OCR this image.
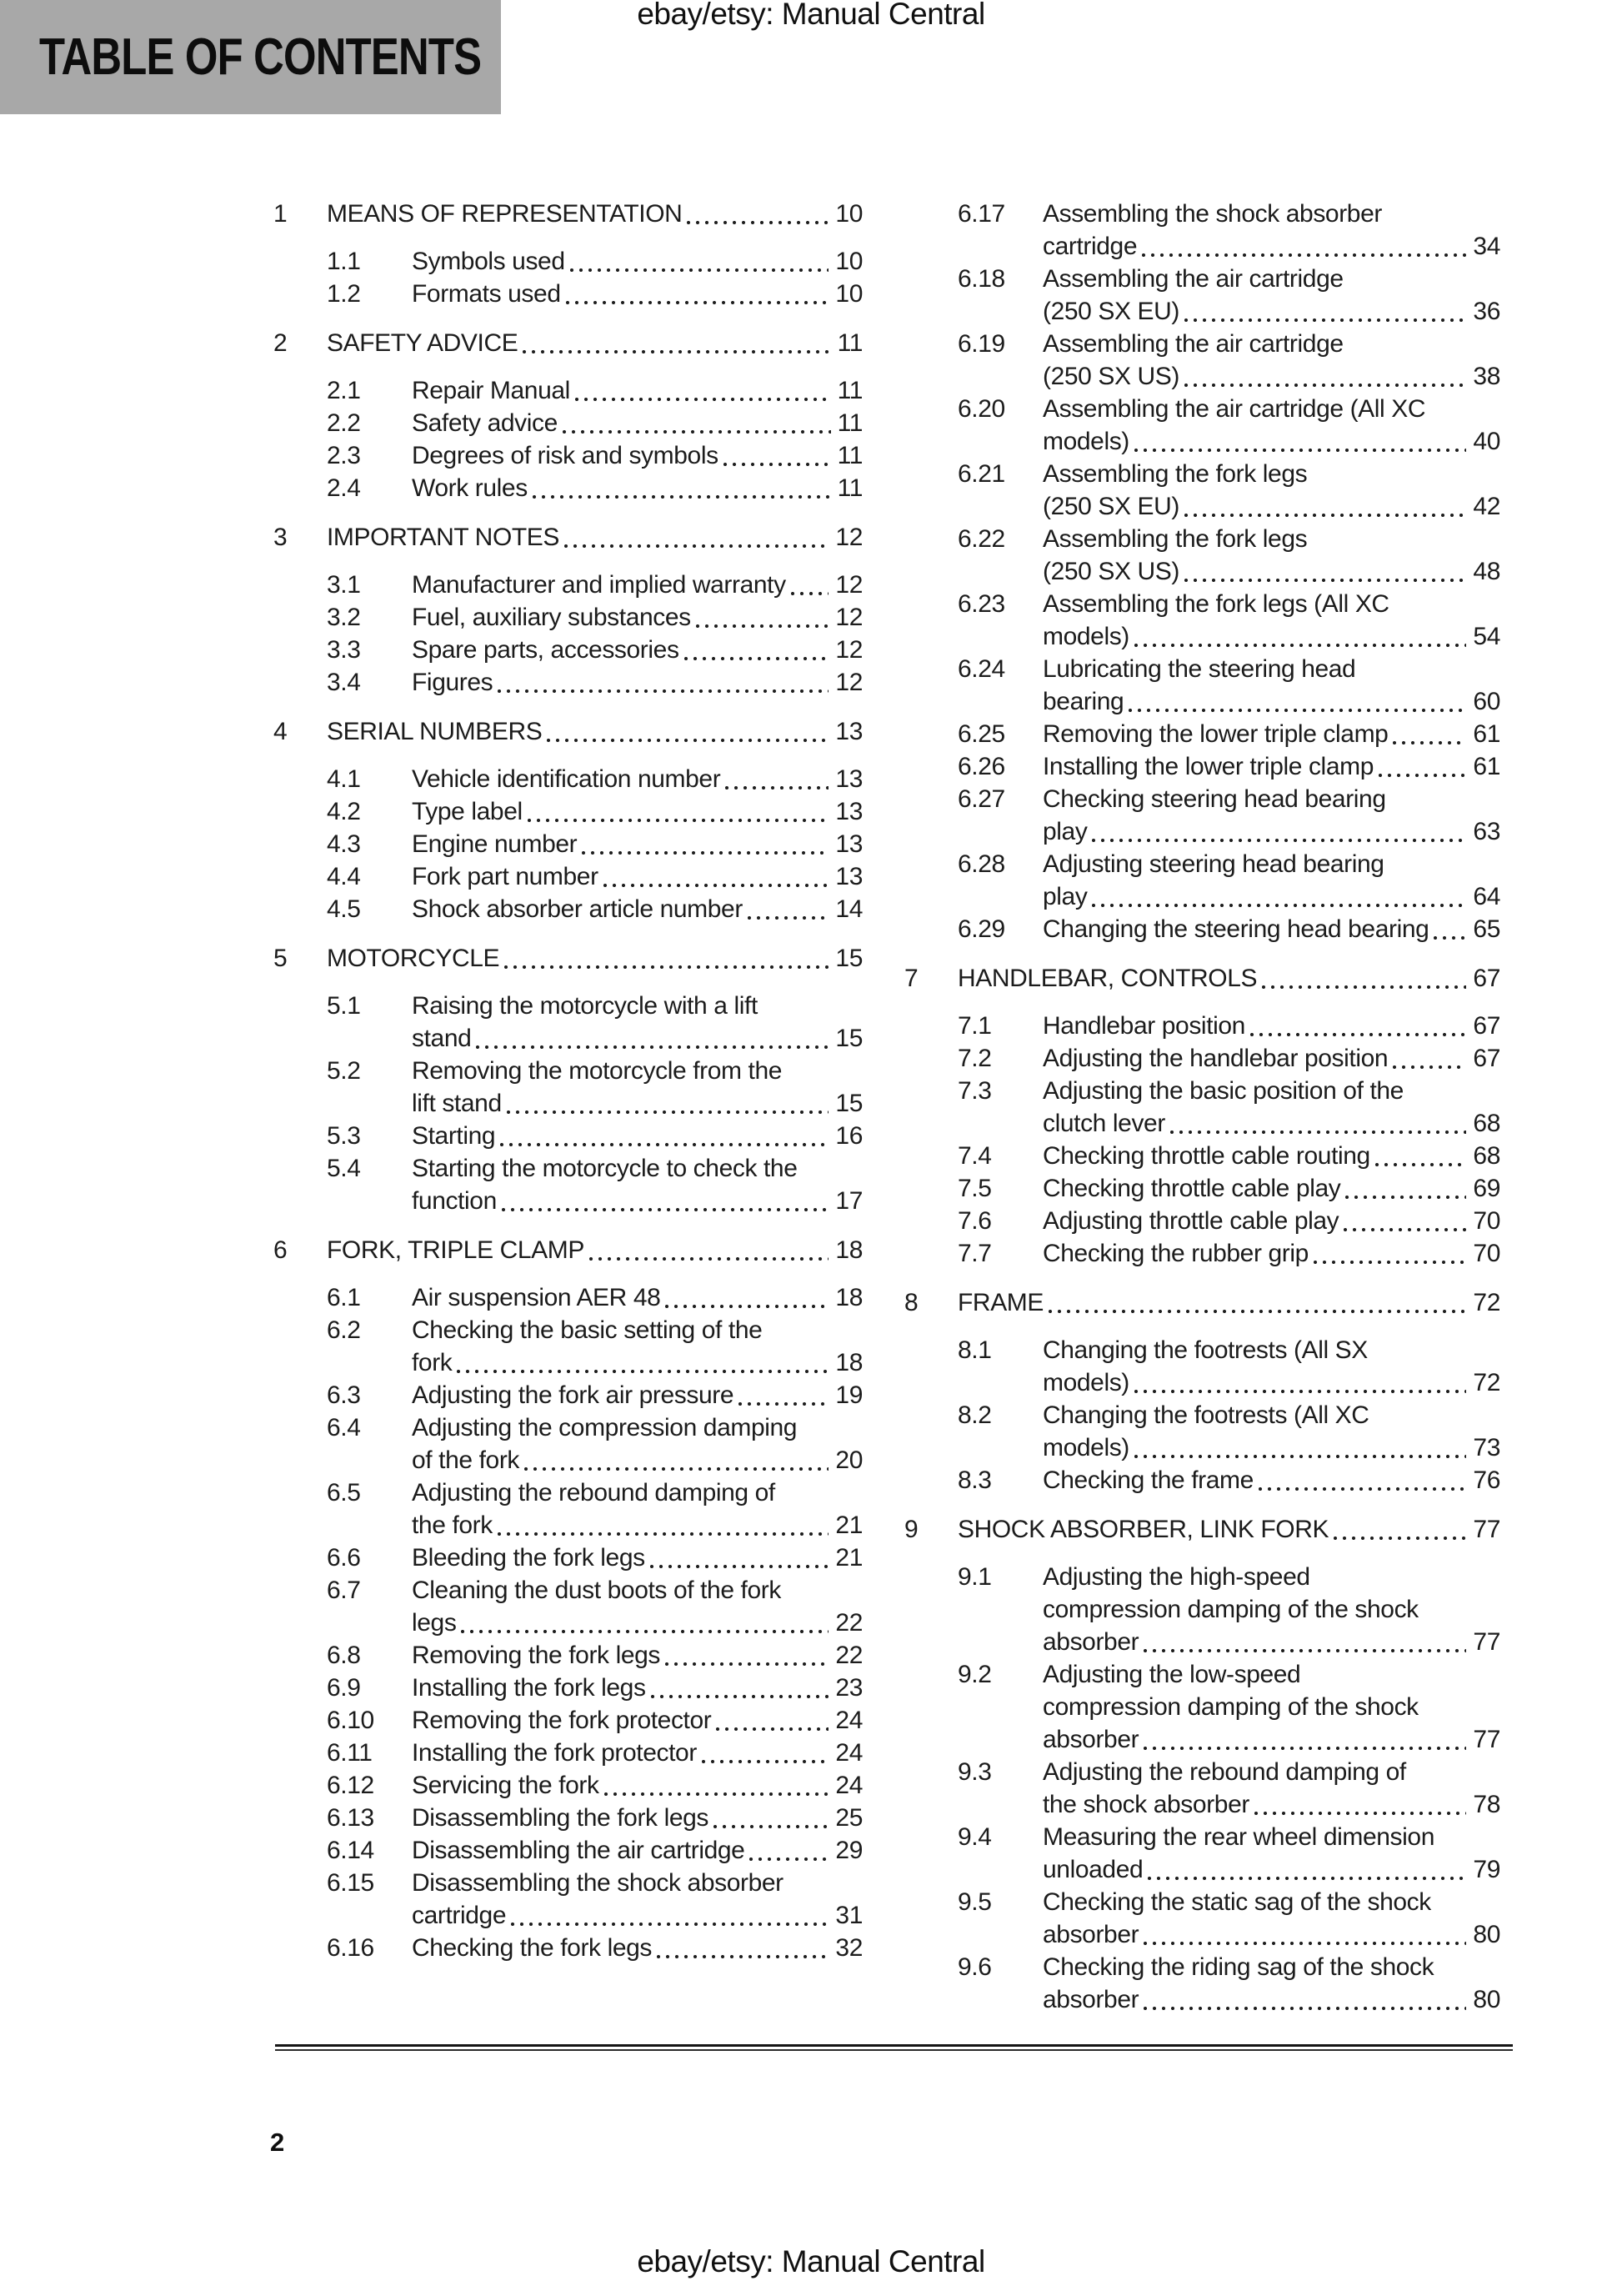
ebay/etsy: Manual Central
TABLE OF CONTENTS
1	MEANS OF REPRESENTATION	10
1.1	Symbols used	10
1.2	Formats used	10
2	SAFETY ADVICE	11
2.1	Repair Manual	11
2.2	Safety advice	11
2.3	Degrees of risk and symbols	11
2.4	Work rules	11
3	IMPORTANT NOTES	12
3.1	Manufacturer and implied warranty 12
3.2	Fuel, auxiliary substances	12
3.3	Spare parts, accessories	12
3.4	Figures	12
4	SERIAL NUMBERS	13
4.1	Vehicle identification number	13
4.2	Type label	13
4.3	Engine number	13
4.4	Fork part number	13
4.5	Shock absorber article number	14
5	MOTORCYCLE	15
5.1	Raising the motorcycle with a lift
stand	15
5.2	Removing the motorcycle from the
lift stand	15
5.3	Starting	16
5.4	Starting the motorcycle to check the
function	17
6	FORK, TRIPLE CLAMP	18
6.1	Air suspension AER 48	18
6.2	Checking the basic setting of the
fork	18
6.3	Adjusting the fork air pressure	19
6.4	Adjusting the compression damping
of the fork	20
6.5	Adjusting the rebound damping of
the fork	21
6.6	Bleeding the fork legs	21
6.7	Cleaning the dust boots of the fork
legs	22
6.8	Removing the fork legs	22
6.9	Installing the fork legs	23
6.10	Removing the fork protector	24
6.11	Installing the fork protector	24
6.12	Servicing the fork	24
6.13	Disassembling the fork legs	25
6.14	Disassembling the air cartridge	29
6.15	Disassembling the shock absorber
cartridge	31
6.16	Checking the fork legs	32
6.17	Assembling the shock absorber
cartridge	34
6.18	Assembling the air cartridge
(250 SX EU)	36
6.19	Assembling the air cartridge
(250 SX US)	38
6.20	Assembling the air cartridge (All XC
models)	40
6.21	Assembling the fork legs
(250 SX EU)	42
6.22	Assembling the fork legs
(250 SX US)	48
6.23	Assembling the fork legs (All XC
models)	54
6.24	Lubricating the steering head
bearing	60
6.25	Removing the lower triple clamp	61
6.26	Installing the lower triple clamp	61
6.27	Checking steering head bearing
play	63
6.28	Adjusting steering head bearing
play	64
6.29	Changing the steering head bearing 65
7	HANDLEBAR, CONTROLS	67
7.1	Handlebar position	67
7.2	Adjusting the handlebar position	67
7.3	Adjusting the basic position of the
clutch lever	68
7.4	Checking throttle cable routing	68
7.5	Checking throttle cable play	69
7.6	Adjusting throttle cable play	70
7.7	Checking the rubber grip	70
8	FRAME	72
8.1	Changing the footrests (All SX
models)	72
8.2	Changing the footrests (All XC
models)	73
8.3	Checking the frame	76
9	SHOCK ABSORBER, LINK FORK	77
9.1	Adjusting the high-speed
compression damping of the shock
absorber	77
9.2	Adjusting the low-speed
compression damping of the shock
absorber	77
9.3	Adjusting the rebound damping of
the shock absorber	78
9.4	Measuring the rear wheel dimension
unloaded	79
9.5	Checking the static sag of the shock
absorber	80
9.6	Checking the riding sag of the shock
absorber	80
2
ebay/etsy: Manual Central
